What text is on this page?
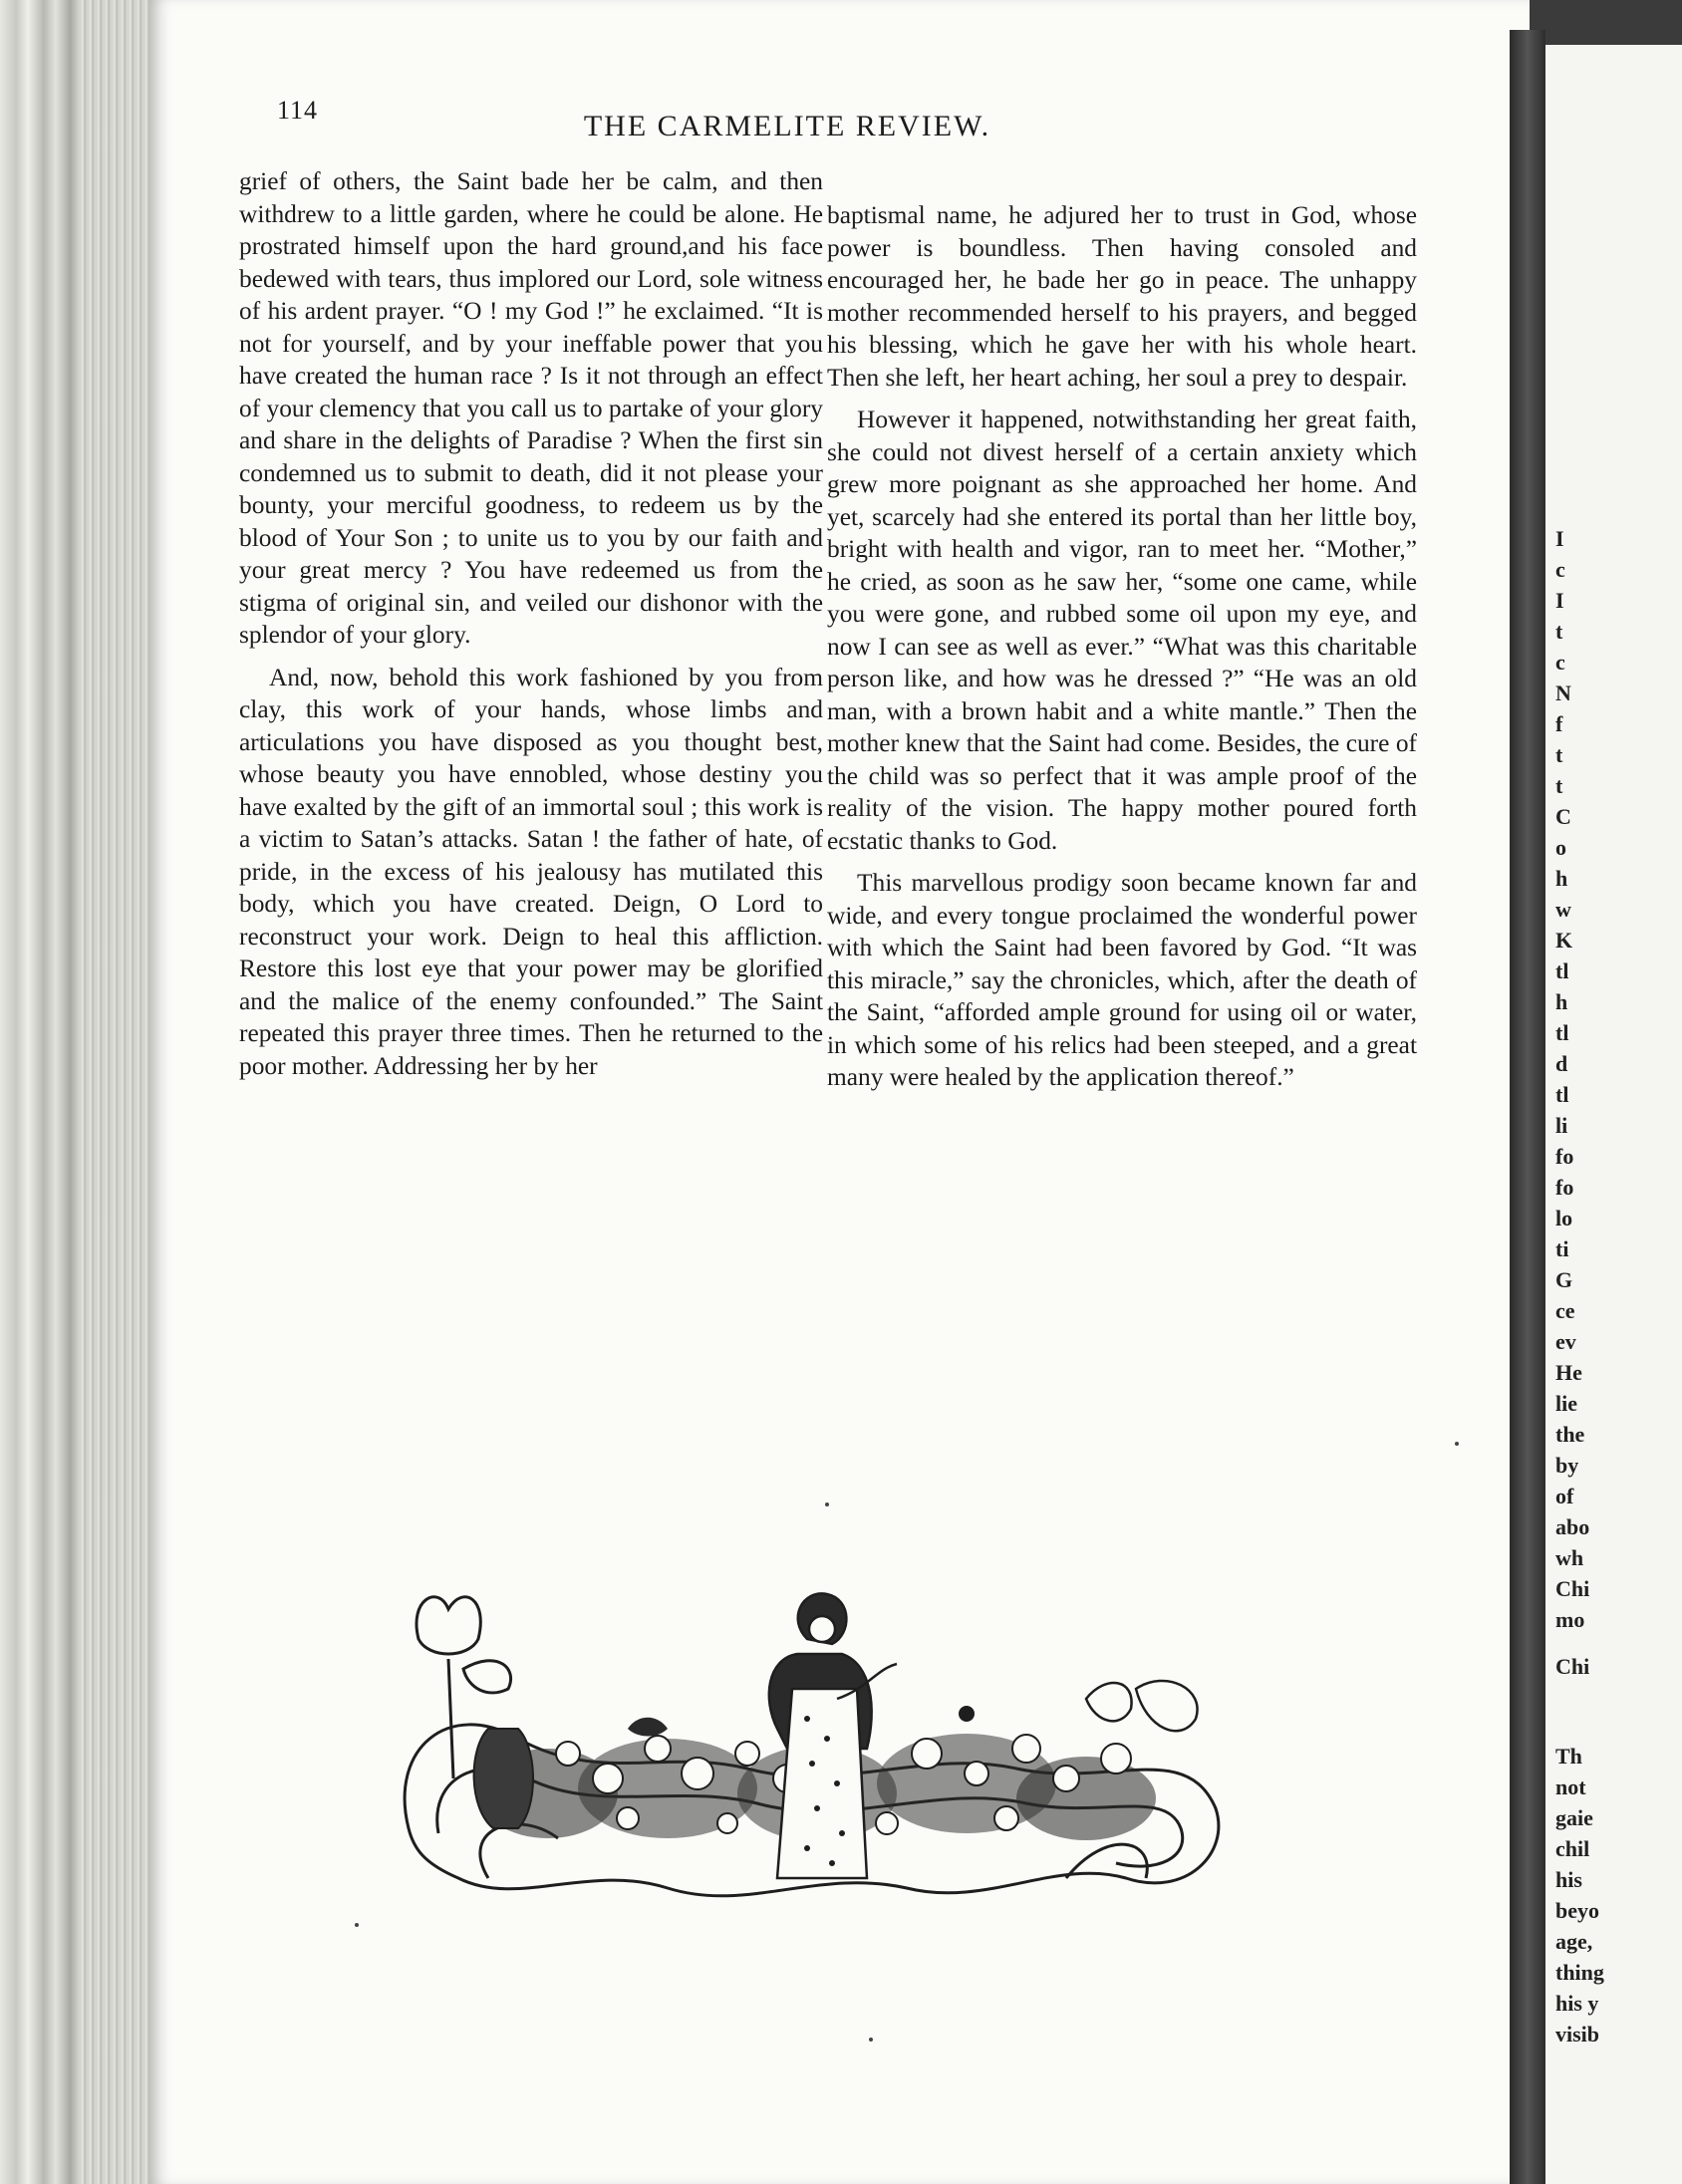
114	THE CARMELITE REVIEW.

grief of others, the Saint bade her be calm, and then withdrew to a little garden, where he could be alone. He prostrated himself upon the hard ground,and his face bedewed with tears, thus implored our Lord, sole witness of his ardent prayer. “O ! my God !” he exclaimed. “It is not for yourself, and by your ineffable power that you have created the human race ? Is it not through an effect of your clemency that you call us to partake of your glory and share in the delights of Paradise ? When the first sin condemned us to submit to death, did it not please your bounty, your merciful goodness, to redeem us by the blood of Your Son ; to unite us to you by our faith and your great mercy ? You have redeemed us from the stigma of original sin, and veiled our dishonor with the splendor of your glory.

And, now, behold this work fashioned by you from clay, this work of your hands, whose limbs and articulations you have disposed as you thought best, whose beauty you have ennobled, whose destiny you have exalted by the gift of an immortal soul ; this work is a victim to Satan’s attacks. Satan ! the father of hate, of pride, in the excess of his jealousy has mutilated this body, which you have created. Deign, O Lord to reconstruct your work. Deign to heal this affliction. Restore this lost eye that your power may be glorified and the malice of the enemy confounded.” The Saint repeated this prayer three times. Then he returned to the poor mother. Addressing her by her

baptismal name, he adjured her to trust in God, whose power is boundless. Then having consoled and encouraged her, he bade her go in peace. The unhappy mother recommended herself to his prayers, and begged his blessing, which he gave her with his whole heart. Then she left, her heart aching, her soul a prey to despair.

However it happened, notwithstanding her great faith, she could not divest herself of a certain anxiety which grew more poignant as she approached her home. And yet, scarcely had she entered its portal than her little boy, bright with health and vigor, ran to meet her. “Mother,” he cried, as soon as he saw her, “some one came, while you were gone, and rubbed some oil upon my eye, and now I can see as well as ever.” “What was this charitable person like, and how was he dressed ?” “He was an old man, with a brown habit and a white mantle.” Then the mother knew that the Saint had come. Besides, the cure of the child was so perfect that it was ample proof of the reality of the vision. The happy mother poured forth ecstatic thanks to God.

This marvellous prodigy soon became known far and wide, and every tongue proclaimed the wonderful power with which the Saint had been favored by God. “It was this miracle,” say the chronicles, which, after the death of the Saint, “afforded ample ground for using oil or water, in which some of his relics had been steeped, and a great many were healed by the application thereof.”

I
c
I
t
c
N
f
t
t
C
o
h
w
K
tl
h
tl
d
tl
li
fo
fo
lo
ti
G
ce
ev
He
lie
the
by
of
abo
wh
Chi
mo
Chi
Th
not
gaie
chil
his
beyo
age,
thing
his y
visib
